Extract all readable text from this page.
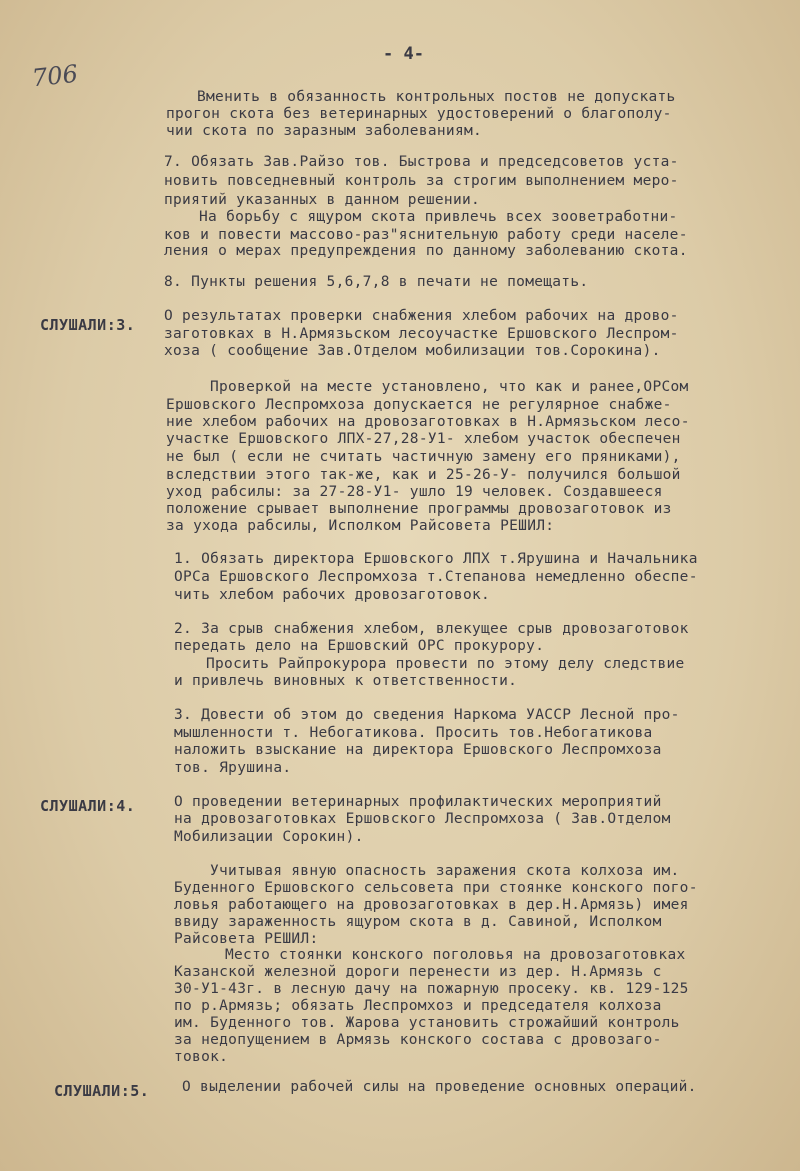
706
- 4-
Вменить в обязанность контрольных постов не допускать
прогон скота без ветеринарных удостоверений о благополу-
чии скота по заразным заболеваниям.
7. Обязать Зав.Райзо тов. Быстрова и председсоветов уста-
новить повседневный контроль за строгим выполнением меро-
приятий указанных в данном решении.
На борьбу с ящуром скота привлечь всех зооветработни-
ков и повести массово-раз"яснительную работу среди населе-
ления о мерах предупреждения по данному заболеванию скота.
8. Пункты решения 5,6,7,8 в печати не помещать.
СЛУШАЛИ:3. О результатах проверки снабжения хлебом рабочих на дрово-
заготовках в Н.Армязьском лесоучастке Ершовского Леспром-
хоза ( сообщение Зав.Отделом мобилизации тов.Сорокина).
Проверкой на месте установлено, что как и ранее,ОРСом
Ершовского Леспромхоза допускается не регулярное снабже-
ние хлебом рабочих на дровозаготовках в Н.Армязьском лесо-
участке Ершовского ЛПХ-27,28-У1- хлебом участок обеспечен
не был ( если не считать частичную замену его пряниками),
вследствии этого так-же, как и 25-26-У- получился большой
уход рабсилы: за 27-28-У1- ушло 19 человек. Создавшееся
положение срывает выполнение программы дровозаготовок из
за ухода рабсилы, Исполком Райсовета РЕШИЛ:
1. Обязать директора Ершовского ЛПХ т.Ярушина и Начальника
ОРСа Ершовского Леспромхоза т.Степанова немедленно обеспе-
чить хлебом рабочих дровозаготовок.
2. За срыв снабжения хлебом, влекущее срыв дровозаготовок
передать дело на Ершовский ОРС прокурору.
Просить Райпрокурора провести по этому делу следствие
и привлечь виновных к ответственности.
3. Довести об этом до сведения Наркома УАССР Лесной про-
мышленности т. Небогатикова. Просить тов.Небогатикова
наложить взыскание на директора Ершовского Леспромхоза
тов. Ярушина.
СЛУШАЛИ:4.	О проведении ветеринарных профилактических мероприятий
на дровозаготовках Ершовского Леспромхоза ( Зав.Отделом
Мобилизации Сорокин).
Учитывая явную опасность заражения скота колхоза им.
Буденного Ершовского сельсовета при стоянке конского пого-
ловья работающего на дровозаготовках в дер.Н.Армязь) имея
ввиду зараженность ящуром скота в д. Савиной, Исполком
Райсовета РЕШИЛ:
Место стоянки конского поголовья на дровозаготовках
Казанской железной дороги перенести из дер. Н.Армязь с
30-У1-43г. в лесную дачу на пожарную просеку. кв. 129-125
по р.Армязь; обязать Леспромхоз и председателя колхоза
им. Буденного тов. Жарова установить строжайший контроль
за недопущением в Армязь конского состава с дровозаго-
товок.
СЛУШАЛИ:5. О выделении рабочей силы на проведение основных операций.
